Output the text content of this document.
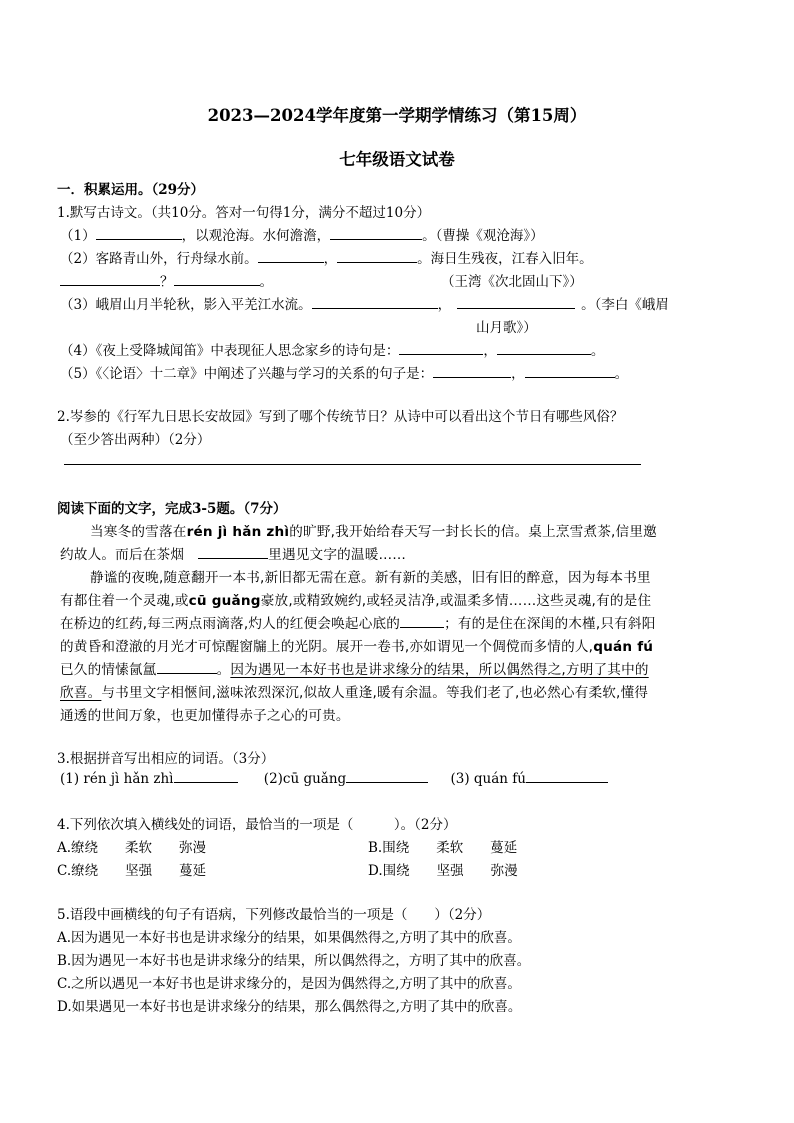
2023—2024学年度第一学期学情练习（第15周）
七年级语文试卷
一．积累运用。（29分）
1.默写古诗文。（共10分。答对一句得1分，满分不超过10分）
（1）	，以观沧海。水何澹澹，	。（曹操《观沧海》）
（2）客路青山外，行舟绿水前。	，	。海日生残夜，江春入旧年。
？	。	（王湾《次北固山下》）
（3）峨眉山月半轮秋，影入平羌江水流。	，	。（李白《峨眉
山月歌》）
（4）《夜上受降城闻笛》中表现征人思念家乡的诗句是：	，	。
（5）《〈论语〉十二章》中阐述了兴趣与学习的关系的句子是：	，	。
2.岑参的《行军九日思长安故园》写到了哪个传统节日？从诗中可以看出这个节日有哪些风俗？
（至少答出两种）（2分）
阅读下面的文字，完成3-5题。（7分）
当寒冬的雪落在rén jì hǎn zhì的旷野,我开始给春天写一封长长的信。桌上烹雪煮茶,信里邀
约故人。而后在茶烟	里遇见文字的温暖……
静谧的夜晚,随意翻开一本书,新旧都无需在意。新有新的美感，旧有旧的醉意，因为每本书里
有都住着一个灵魂,或cū guǎng豪放,或精致婉约,或轻灵洁净,或温柔多情……这些灵魂,有的是住
在桥边的红药,每三两点雨滴落,灼人的红便会唤起心底的	；有的是住在深闺的木槿,只有斜阳
的黄昏和澄澈的月光才可惊醒窗牖上的光阴。展开一卷书,亦如谓见一个倜傥而多情的人,quán fú
已久的情愫氤氲	。因为遇见一本好书也是讲求缘分的结果，所以偶然得之,方明了其中的
欣喜。与书里文字相愜间,滋味浓烈深沉,似故人重逢,暖有余温。等我们老了,也必然心有柔软,懂得
通透的世间万象，也更加懂得赤子之心的可贵。
3.根据拼音写出相应的词语。（3分）
(1) rén jì hǎn zhì	(2)cū guǎng	(3) quán fú
4.下列依次填入横线处的词语，最恰当的一项是（　　　）。（2分）
A.缭绕　　柔软　　弥漫	B.围绕　　柔软　　蔓延
C.缭绕　　坚强　　蔓延	D.围绕　　坚强　　弥漫
5.语段中画横线的句子有语病，下列修改最恰当的一项是（　　）（2分）
A.因为遇见一本好书也是讲求缘分的结果，如果偶然得之,方明了其中的欣喜。
B.因为遇见一本好书也是讲求缘分的结果，所以偶然得之，方明了其中的欣喜。
C.之所以遇见一本好书也是讲求缘分的，是因为偶然得之,方明了其中的欣喜。
D.如果遇见一本好书也是讲求缘分的结果，那么偶然得之,方明了其中的欣喜。
